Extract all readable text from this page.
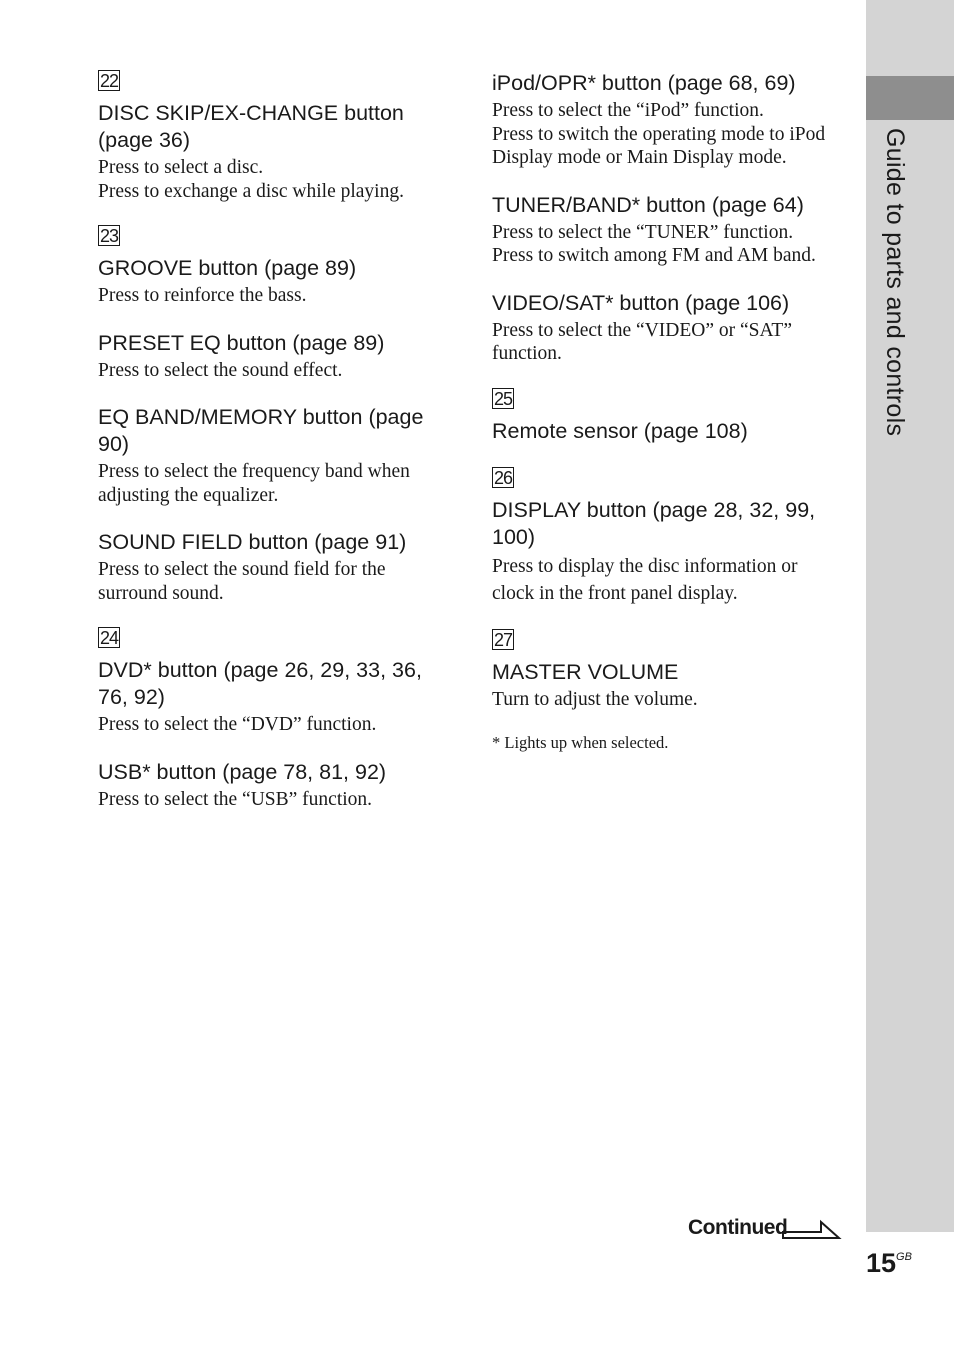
Guide to parts and controls
22
DISC SKIP/EX-CHANGE button (page 36)

Press to select a disc.
Press to exchange a disc while playing.

23
GROOVE button (page 89)

Press to reinforce the bass.

PRESET EQ button (page 89)

Press to select the sound effect.

EQ BAND/MEMORY button (page 90)

Press to select the frequency band when adjusting the equalizer.

SOUND FIELD button (page 91)

Press to select the sound field for the surround sound.

24
DVD* button (page 26, 29, 33, 36, 76, 92)

Press to select the “DVD” function.

USB* button (page 78, 81, 92)

Press to select the “USB” function.

iPod/OPR* button (page 68, 69)

Press to select the “iPod” function.
Press to switch the operating mode to iPod Display mode or Main Display mode.

TUNER/BAND* button (page 64)

Press to select the “TUNER” function.
Press to switch among FM and AM band.

VIDEO/SAT* button (page 106)

Press to select the “VIDEO” or “SAT” function.

25
Remote sensor (page 108)
26
DISPLAY button (page 28, 32, 99, 100)

Press to display the disc information or clock in the front panel display.

27
MASTER VOLUME

Turn to adjust the volume.

* Lights up when selected.
Continued
$15^{GB}$
